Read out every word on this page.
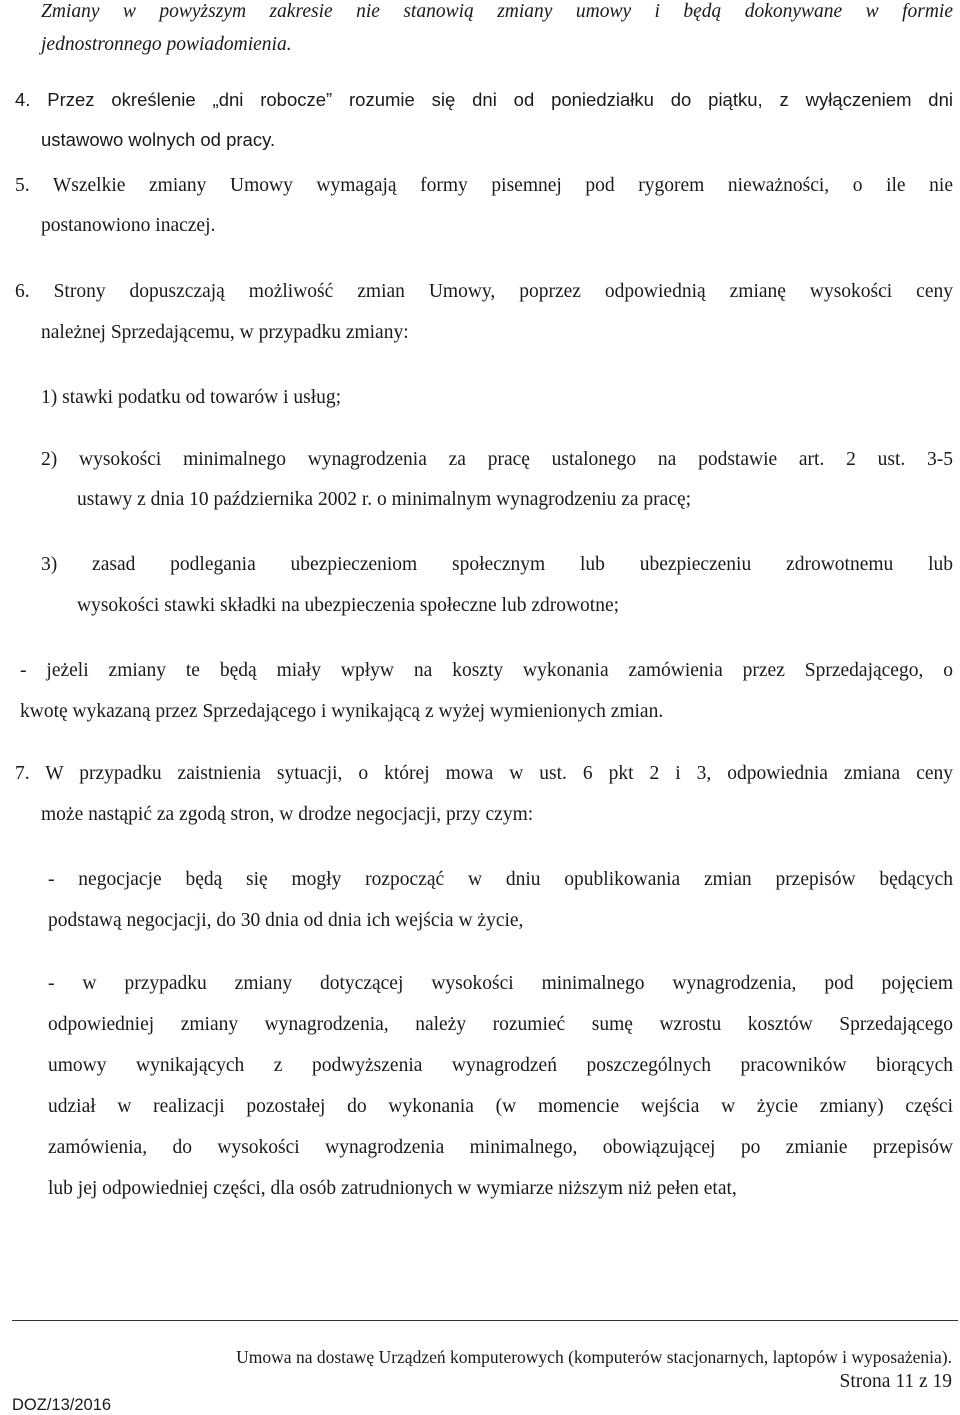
Zmiany w powyższym zakresie nie stanowią zmiany umowy i będą dokonywane w formie
jednostronnego powiadomienia.
4. Przez określenie „dni robocze” rozumie się dni od poniedziałku do piątku, z wyłączeniem dni
ustawowo wolnych od pracy.
5. Wszelkie zmiany Umowy wymagają formy pisemnej pod rygorem nieważności, o ile nie
postanowiono inaczej.
6. Strony dopuszczają możliwość zmian Umowy, poprzez odpowiednią zmianę wysokości ceny
należnej Sprzedającemu, w przypadku zmiany:
1) stawki podatku od towarów i usług;
2) wysokości minimalnego wynagrodzenia za pracę ustalonego na podstawie art. 2 ust. 3-5
ustawy z dnia 10 października 2002 r. o minimalnym wynagrodzeniu za pracę;
3) zasad podlegania ubezpieczeniom społecznym lub ubezpieczeniu zdrowotnemu lub
wysokości stawki składki na ubezpieczenia społeczne lub zdrowotne;
- jeżeli zmiany te będą miały wpływ na koszty wykonania zamówienia przez Sprzedającego, o
kwotę wykazaną przez Sprzedającego i wynikającą z wyżej wymienionych zmian.
7. W przypadku zaistnienia sytuacji, o której mowa w ust. 6 pkt 2 i 3, odpowiednia zmiana ceny
może nastąpić za zgodą stron, w drodze negocjacji, przy czym:
- negocjacje będą się mogły rozpocząć w dniu opublikowania zmian przepisów będących
podstawą negocjacji, do 30 dnia od dnia ich wejścia w życie,
- w przypadku zmiany dotyczącej wysokości minimalnego wynagrodzenia, pod pojęciem
odpowiedniej zmiany wynagrodzenia, należy rozumieć sumę wzrostu kosztów Sprzedającego
umowy wynikających z podwyższenia wynagrodzeń poszczególnych pracowników biorących
udział w realizacji pozostałej do wykonania (w momencie wejścia w życie zmiany) części
zamówienia, do wysokości wynagrodzenia minimalnego, obowiązującej po zmianie przepisów
lub jej odpowiedniej części, dla osób zatrudnionych w wymiarze niższym niż pełen etat,
Umowa na dostawę Urządzeń komputerowych (komputerów stacjonarnych, laptopów i wyposażenia).
Strona 11 z 19
DOZ/13/2016
